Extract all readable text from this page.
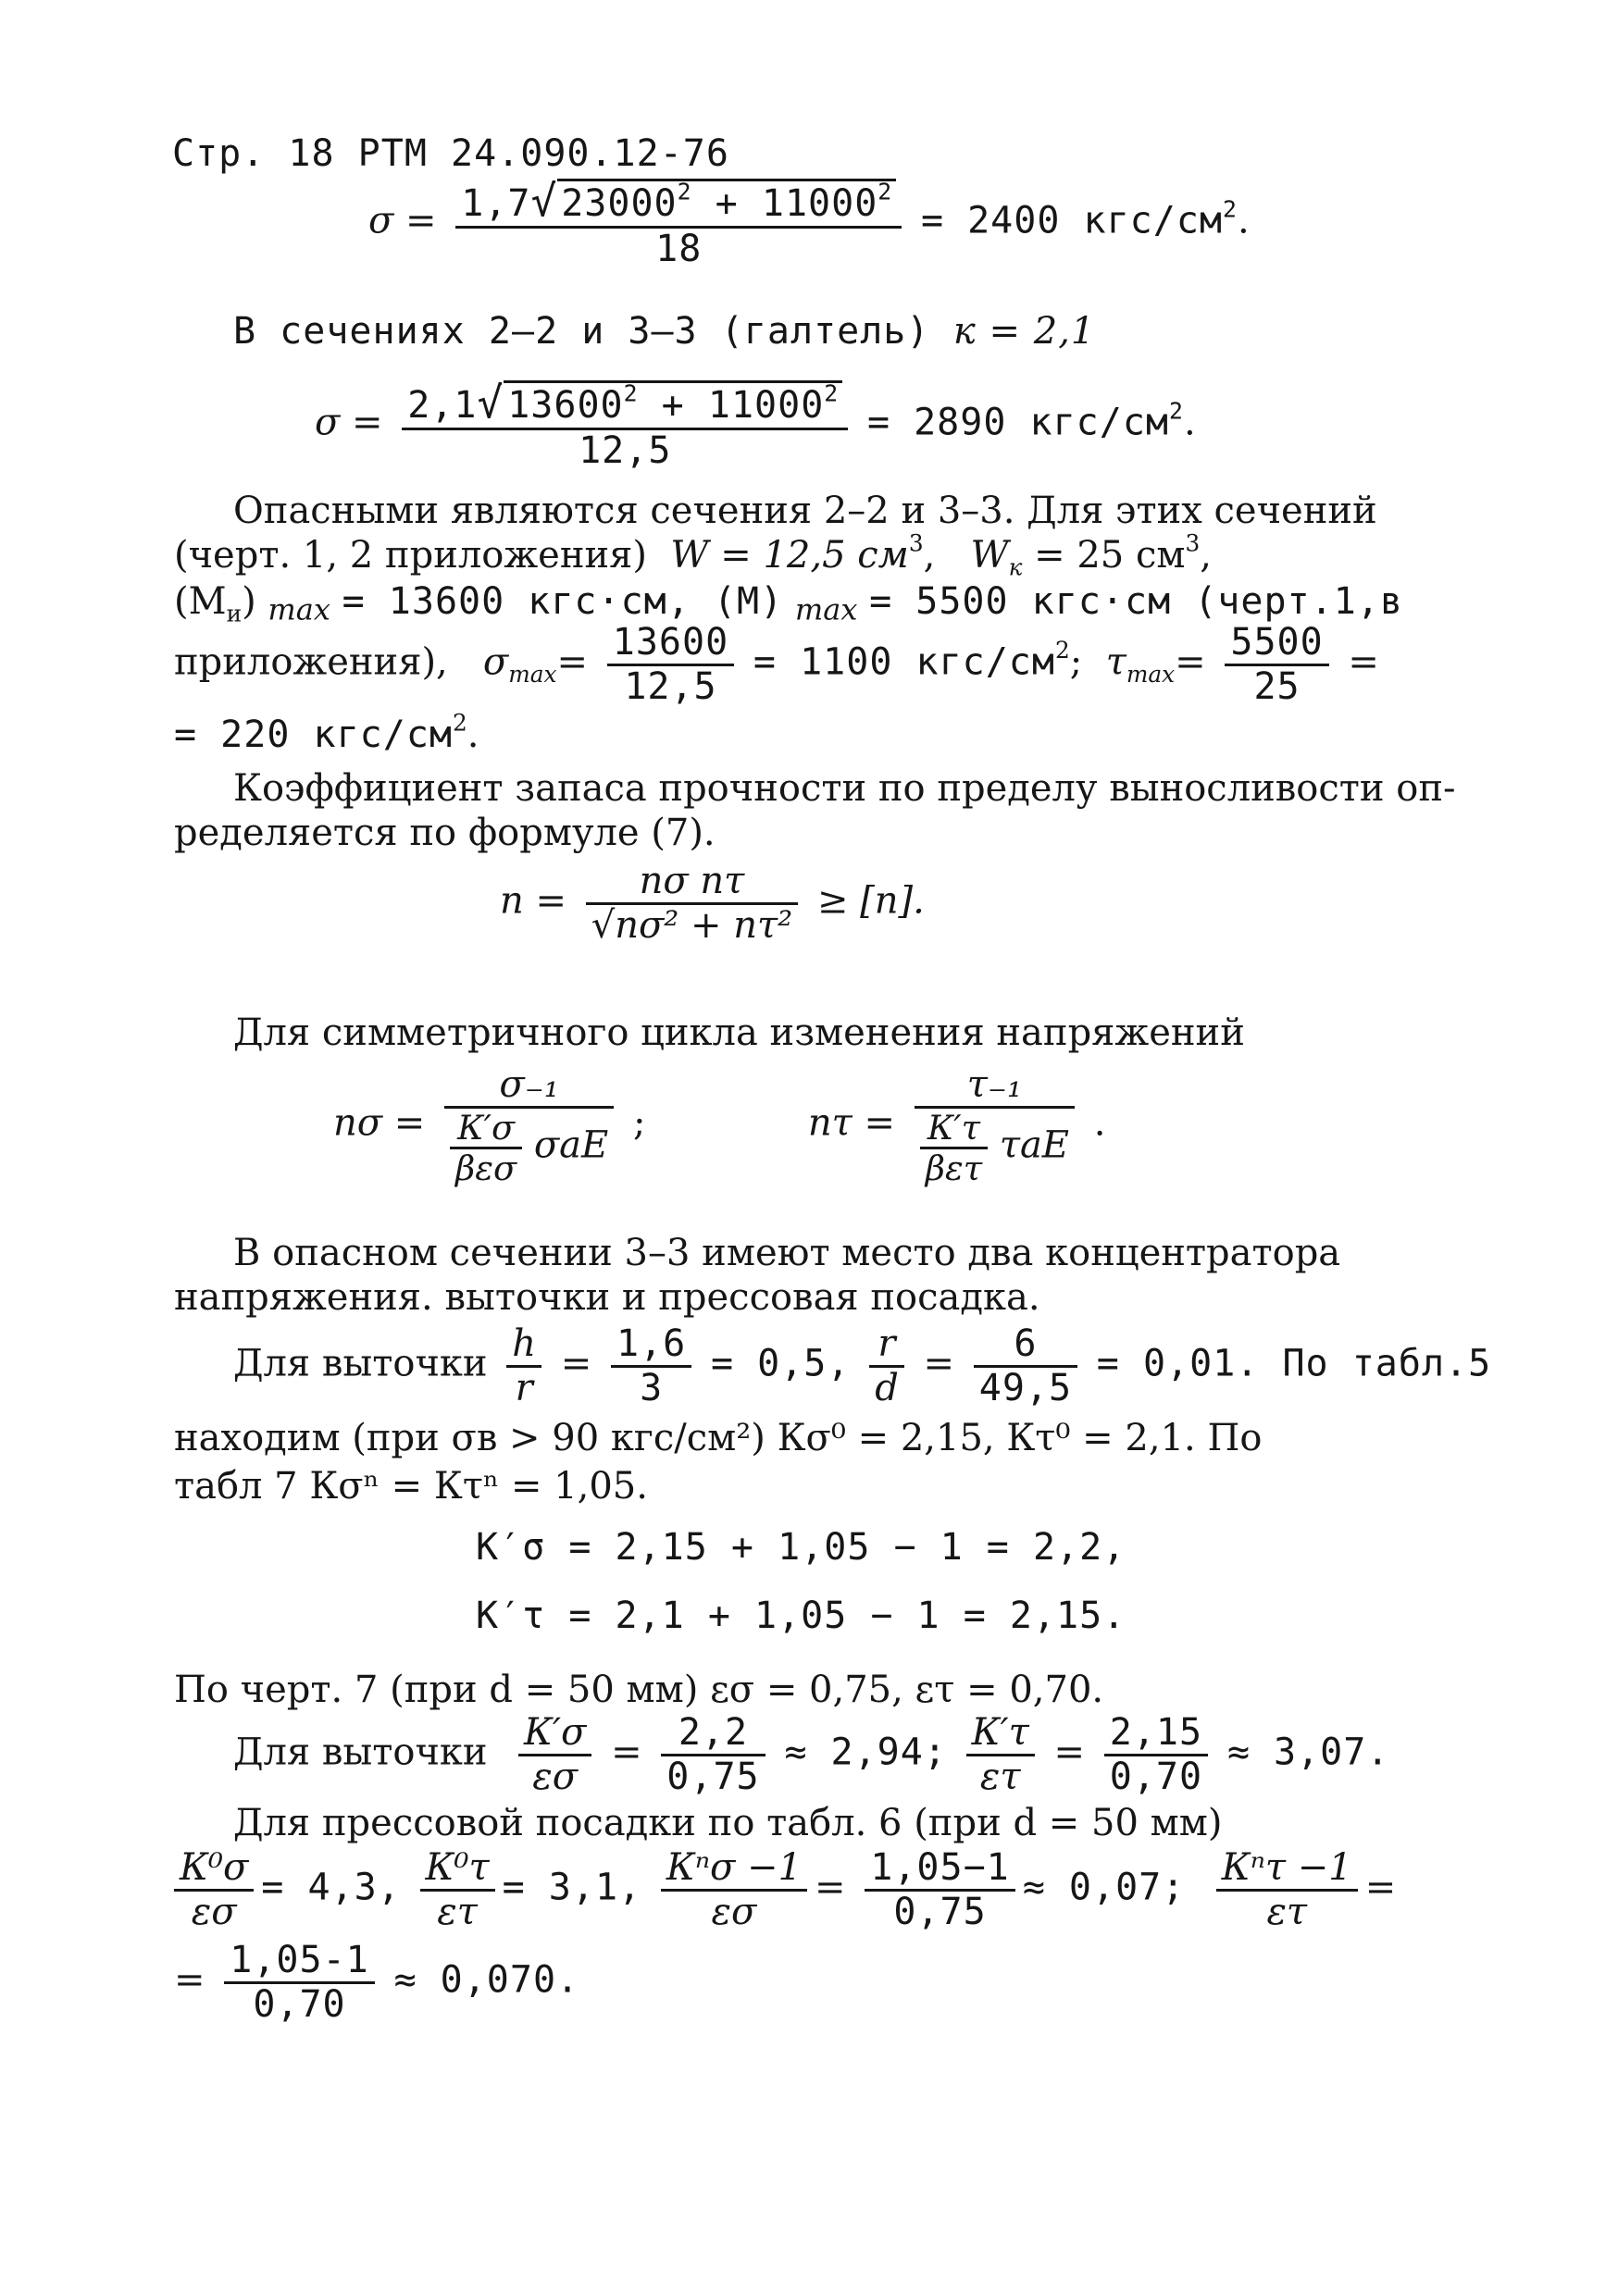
Стр. 18 РТМ 24.090.12-76
$\sigma = \frac{1,7√ 23000^2 + 11000^2}{18} = 2400$ кгс/$см^2$.
В сечениях 2–2 и 3–3 (галтель) к = 2,1
$\sigma = \frac{2,1√ 13600^2 + 11000^2}{12,5} = 2890$ кгс/$см^2$.
Опасными являются сечения 2–2 и 3–3. Для этих сечений
(черт. 1, 2 приложения) W = 12,5 $см^3$,   $W_к = 25$ $см^3$,
$(М_и) \max = 13600$ кгс·см, (М) max = 5500 кгс·см (черт.1,в
приложения), $\sigma_{max}= \frac{13600}{12,5} = 1100$ кгс/$см^2$; $\tau_{max}= \frac{5500}{25}$ =
= 220 кгс/$см^2$.
Коэффициент запаса прочности по пределу выносливости оп-
ределяется по формуле (7).
$n = \frac{\text{nσ nτ}}{\text{√nσ² + nτ²}} \ge [n]$.
Для симметричного цикла изменения напряжений
$n\sigma = \frac{\text{σ₋₁}}{\frac{К'\sigma}{\text{βεσ}} \sigma aE}$ ;	$n\tau = \frac{\text{τ₋₁}}{\frac{К'\tau}{\text{βετ}} \tau aE}$ .
В опасном сечении 3–3 имеют место два концентратора
напряжения. выточки и прессовая посадка.
Для выточки $\frac{h}{r} = \frac{1,6}{3} = 0,5$, $\frac{r}{d} = \frac{6}{49,5} = 0,01$. По табл.5
находим (при σв > 90 кгс/см²) Кσ⁰ = 2,15, Кτ⁰ = 2,1. По
табл 7 Кσⁿ = Кτⁿ = 1,05.
К′σ = 2,15 + 1,05 − 1 = 2,2,
К′τ = 2,1 + 1,05 − 1 = 2,15.
По черт. 7 (при d = 50 мм) εσ = 0,75, ετ = 0,70.
Для выточки $\frac{К'\sigma}{\varepsilon\sigma} = \frac{2,2}{0,75} \approx 2,94$; $\frac{К'\tau}{\varepsilon\tau} = \frac{2,15}{0,70} \approx 3,07$.
Для прессовой посадки по табл. 6 (при d = 50 мм)
$\frac{\text{К⁰σ}}{\varepsilon\sigma} = 4,3$, $\frac{\text{К⁰τ}}{\varepsilon\tau} = 3,1$, $\frac{\text{Кⁿσ −1}}{\varepsilon\sigma} = \frac{1,05-1}{0,75} \approx 0,07$; $\frac{\text{Кⁿτ −1}}{\varepsilon\tau}$ =
= $\frac{1,05-1}{0,70} \approx 0,070$.
